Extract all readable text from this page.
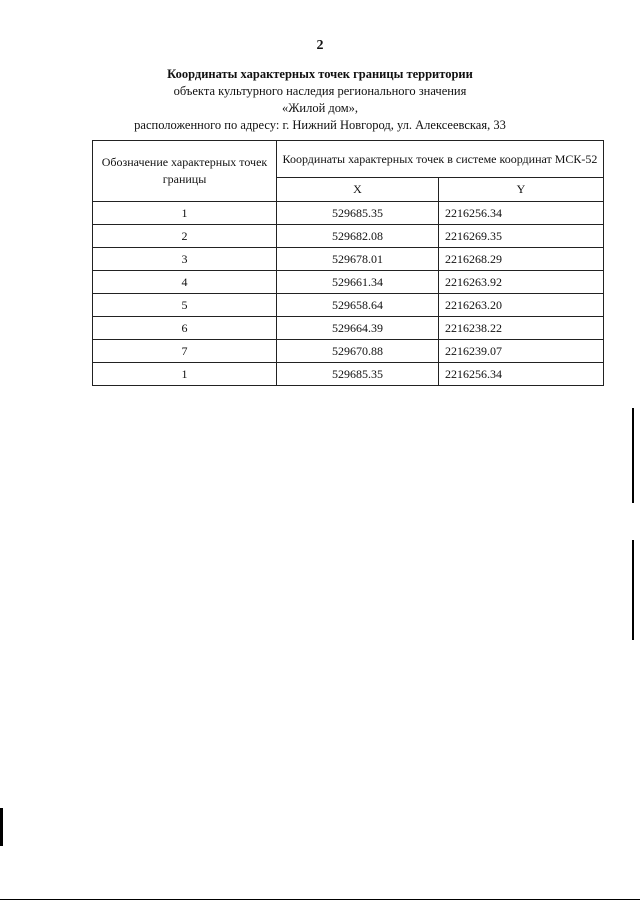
2
Координаты характерных точек границы территории
объекта культурного наследия регионального значения
«Жилой дом»,
расположенного по адресу: г. Нижний Новгород, ул. Алексеевская, 33
Обозначение характерных точек границы	Координаты характерных точек в системе координат МСК-52	
	X	Y
1	529685.35	2216256.34
2	529682.08	2216269.35
3	529678.01	2216268.29
4	529661.34	2216263.92
5	529658.64	2216263.20
6	529664.39	2216238.22
7	529670.88	2216239.07
1	529685.35	2216256.34
